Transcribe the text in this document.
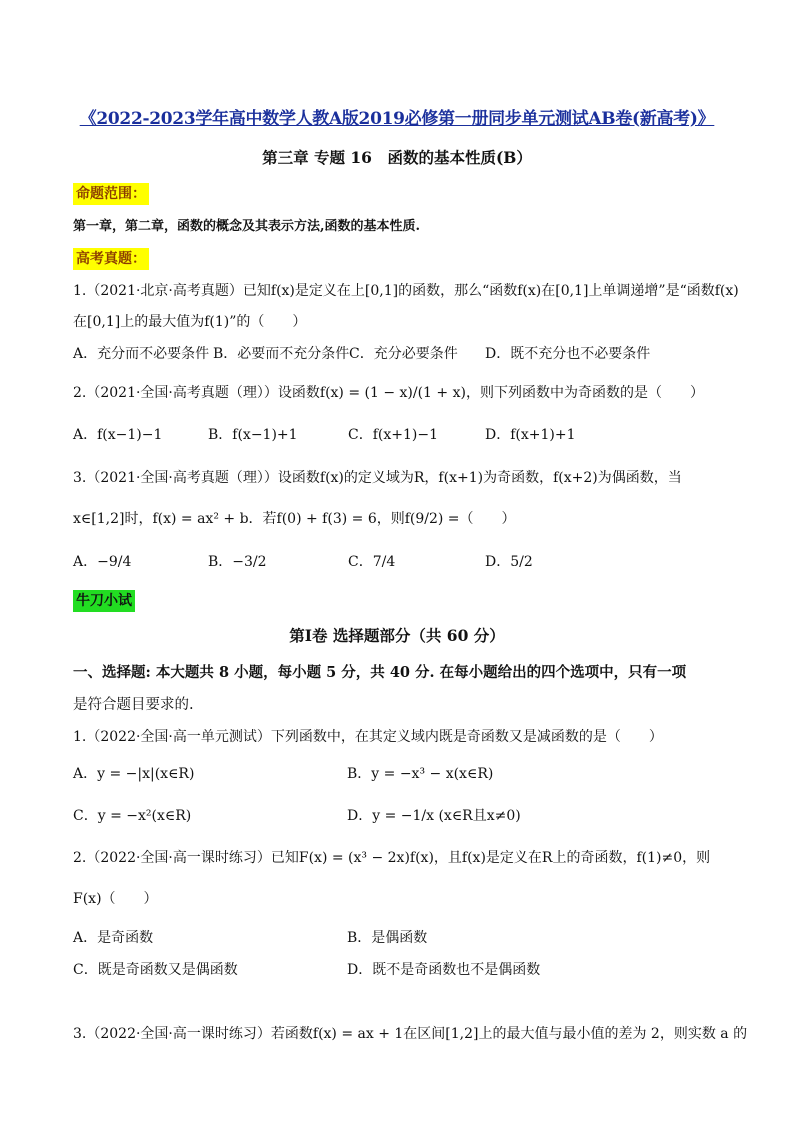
《2022-2023学年高中数学人教A版2019必修第一册同步单元测试AB卷(新高考)》
第三章 专题 16　函数的基本性质(B）
命题范围：
第一章，第二章，函数的概念及其表示方法,函数的基本性质.
高考真题：
1.（2021·北京·高考真题）已知f(x)是定义在上[0,1]的函数，那么“函数f(x)在[0,1]上单调递增”是“函数f(x)
在[0,1]上的最大值为f(1)”的（　　）
A．充分而不必要条件 B．必要而不充分条件 C．充分必要条件 D．既不充分也不必要条件
2.（2021·全国·高考真题（理））设函数f(x) = (1 − x)/(1 + x)，则下列函数中为奇函数的是（　　）
A．f(x−1)−1	B．f(x−1)+1	C．f(x+1)−1	D．f(x+1)+1
3.（2021·全国·高考真题（理））设函数f(x)的定义域为R，f(x+1)为奇函数，f(x+2)为偶函数，当
x∈[1,2]时，f(x) = ax² + b．若f(0) + f(3) = 6，则f(9/2) =（　　）
A．−9/4	B．−3/2	C．7/4	D．5/2
牛刀小试
第Ⅰ卷 选择题部分（共 60 分）
一、选择题: 本大题共 8 小题，每小题 5 分，共 40 分. 在每小题给出的四个选项中，只有一项
是符合题目要求的.
1.（2022·全国·高一单元测试）下列函数中，在其定义域内既是奇函数又是减函数的是（　　）
A．y = −|x|(x∈R)	B．y = −x³ − x(x∈R)
C．y = −x²(x∈R)	D．y = −1/x (x∈R且x≠0)
2.（2022·全国·高一课时练习）已知F(x) = (x³ − 2x)f(x)，且f(x)是定义在R上的奇函数，f(1)≠0，则
F(x)（　　）
A．是奇函数	B．是偶函数
C．既是奇函数又是偶函数	D．既不是奇函数也不是偶函数
3.（2022·全国·高一课时练习）若函数f(x) = ax + 1在区间[1,2]上的最大值与最小值的差为 2，则实数 a 的
